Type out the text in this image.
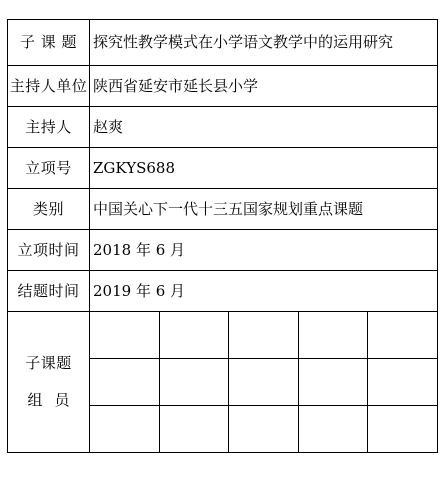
子 课 题	探究性教学模式在小学语文教学中的运用研究				
主持人单位	陕西省延安市延长县小学				
主持人	赵爽				
立项号	ZGKYS688				
类别	中国关心下一代十三五国家规划重点课题				
立项时间	2018 年 6 月				
结题时间	2019 年 6 月				

子课题
组员					
